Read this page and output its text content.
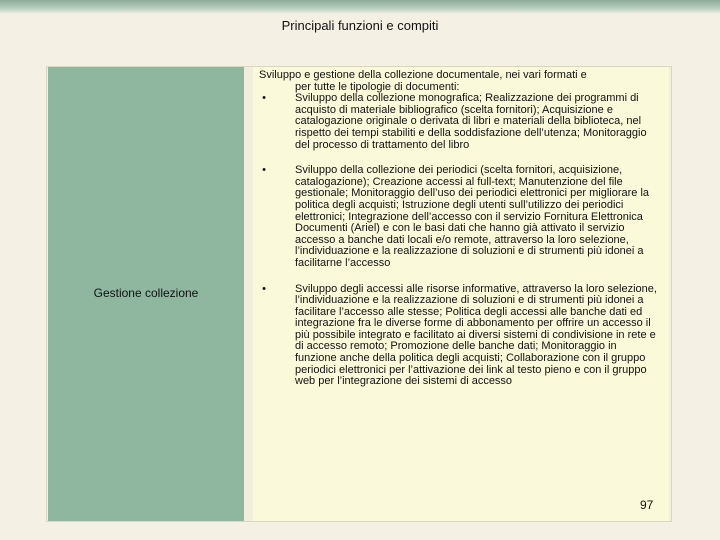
Principali funzioni e compiti
Gestione collezione
Sviluppo e gestione della collezione documentale, nei vari formati e
per tutte le tipologie di documenti:
•	Sviluppo della collezione monografica; Realizzazione dei programmi di acquisto di materiale bibliografico (scelta fornitori); Acquisizione e catalogazione originale o derivata di libri e materiali della biblioteca, nel rispetto dei tempi stabiliti e della soddisfazione dell’utenza; Monitoraggio del processo di trattamento del libro
•	Sviluppo della collezione dei periodici (scelta fornitori, acquisizione, catalogazione); Creazione accessi al full-text; Manutenzione del file gestionale; Monitoraggio dell’uso dei periodici elettronici per migliorare la politica degli acquisti; Istruzione degli utenti sull’utilizzo dei periodici elettronici; Integrazione dell’accesso con il servizio Fornitura Elettronica Documenti (Ariel) e con le basi dati che hanno già attivato il servizio accesso a banche dati locali e/o remote, attraverso la loro selezione, l’individuazione e la realizzazione di soluzioni e di strumenti più idonei a facilitarne l’accesso
•	Sviluppo degli accessi alle risorse informative, attraverso la loro selezione, l’individuazione e la realizzazione di soluzioni e di strumenti più idonei a facilitare l’accesso alle stesse; Politica degli accessi alle banche dati ed integrazione fra le diverse forme di abbonamento per offrire un accesso il più possibile integrato e facilitato ai diversi sistemi di condivisione in rete e di accesso remoto; Promozione delle banche dati; Monitoraggio in funzione anche della politica degli acquisti; Collaborazione con il gruppo periodici elettronici per l’attivazione dei link al testo pieno e con il gruppo web per l’integrazione dei sistemi di accesso
97
